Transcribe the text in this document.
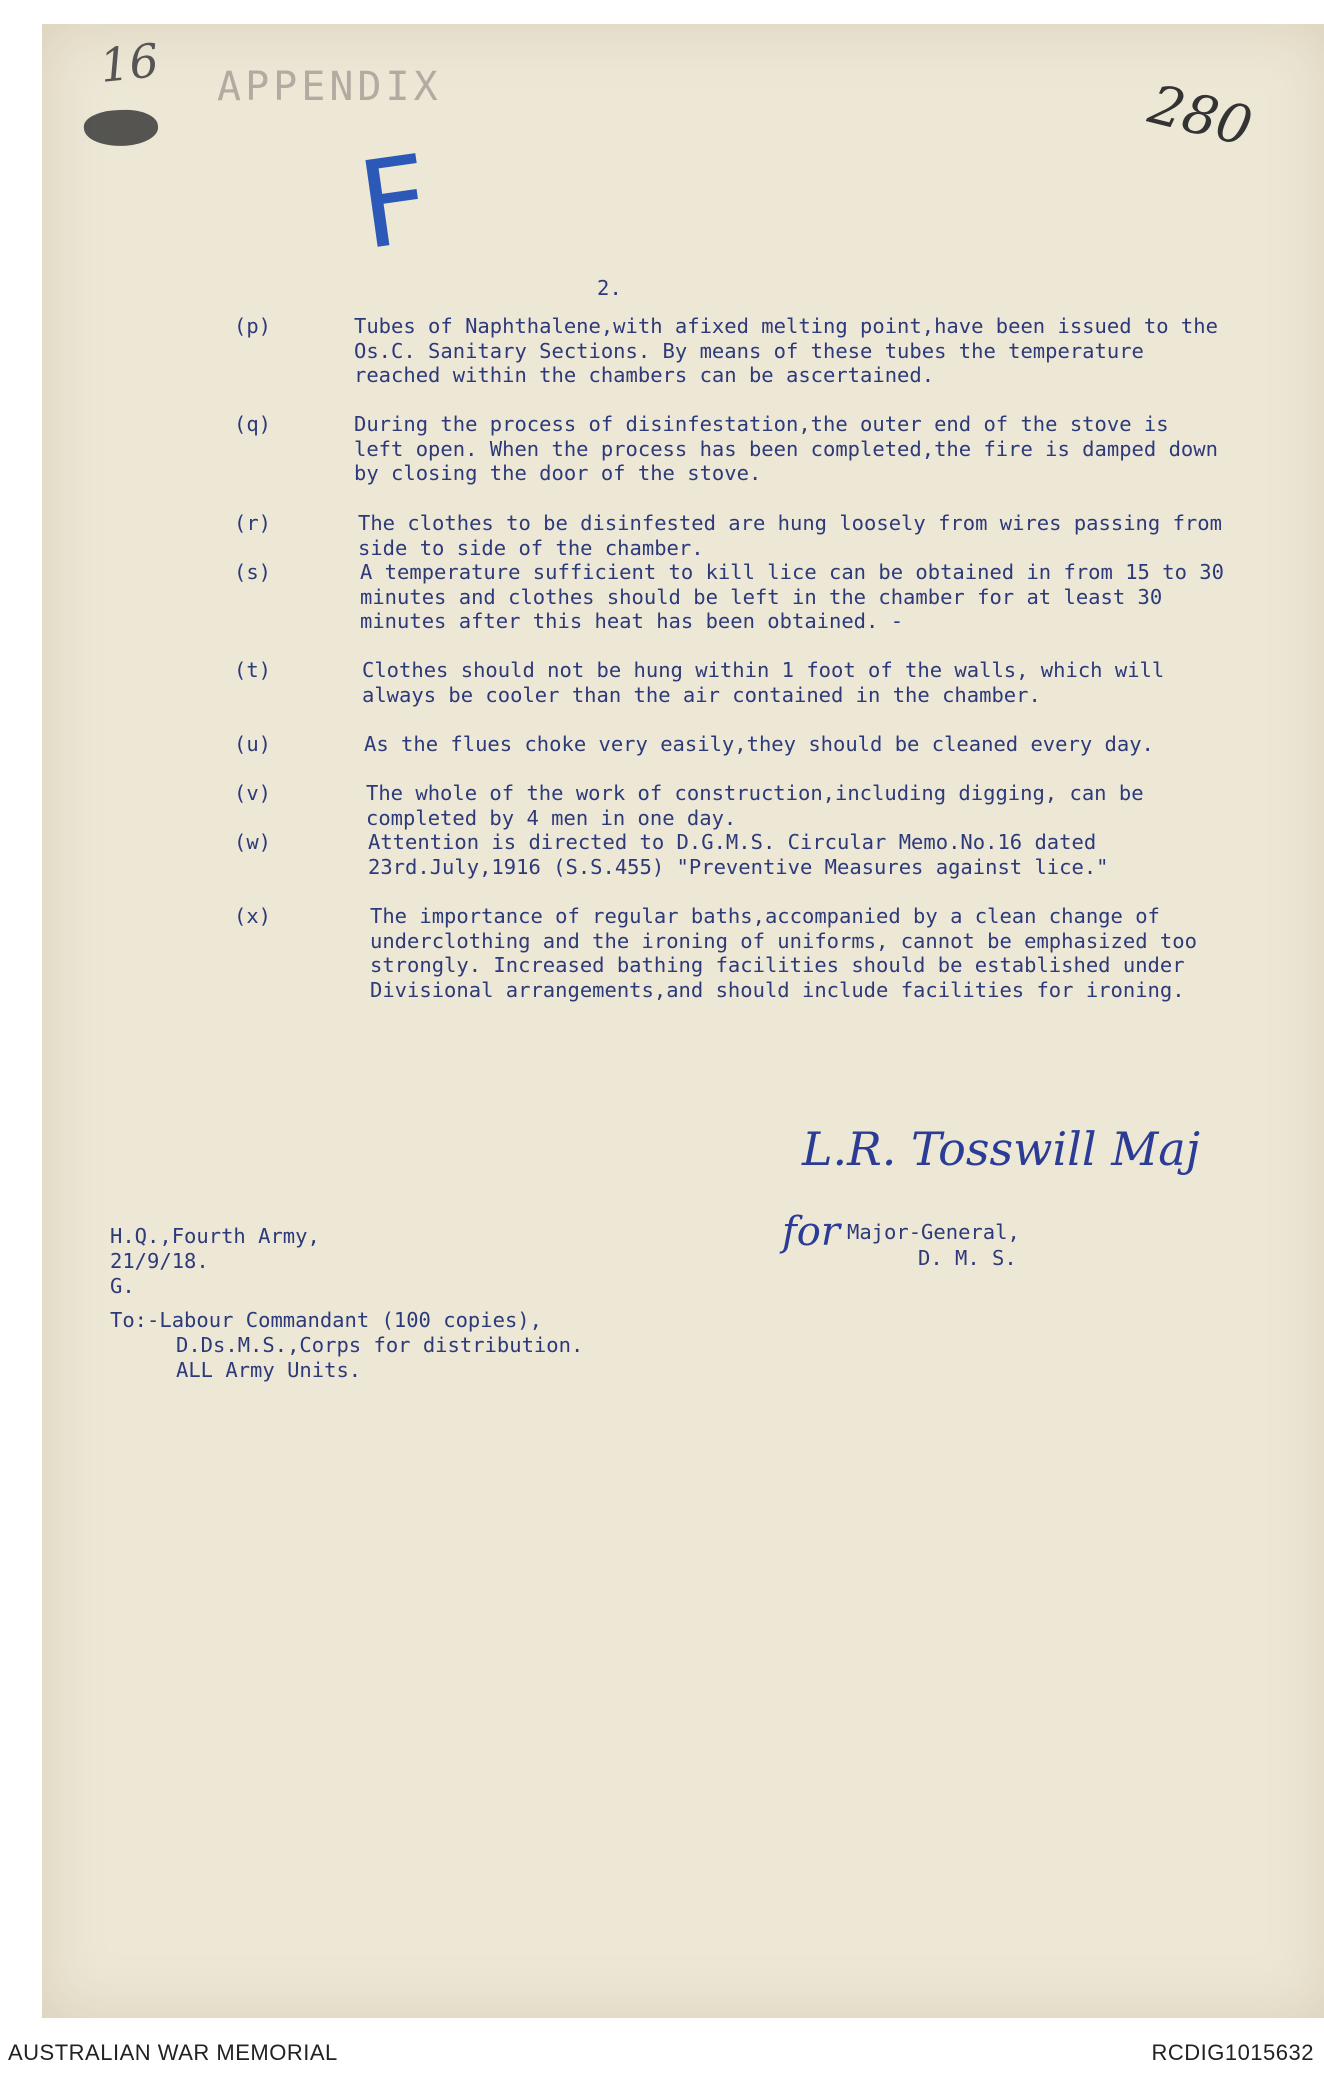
16 APPENDIX	280
F
2.
(p)	Tubes of Naphthalene,with afixed melting point,have been issued to the Os.C. Sanitary Sections. By means of these tubes the temperature reached within the chambers can be ascertained.
(q)	During the process of disinfestation,the outer end of the stove is left open. When the process has been completed,the fire is damped down by closing the door of the stove.
(r)	The clothes to be disinfested are hung loosely from wires passing from side to side of the chamber.
(s)	A temperature sufficient to kill lice can be obtained in from 15 to 30 minutes and clothes should be left in the chamber for at least 30 minutes after this heat has been obtained. -
(t)	Clothes should not be hung within 1 foot of the walls, which will always be cooler than the air contained in the chamber.
(u)	As the flues choke very easily,they should be cleaned every day.
(v)	The whole of the work of construction,including digging, can be completed by 4 men in one day.
(w)	Attention is directed to D.G.M.S. Circular Memo.No.16 dated 23rd.July,1916 (S.S.455) "Preventive Measures against lice."
(x)	The importance of regular baths,accompanied by a clean change of underclothing and the ironing of uniforms, cannot be emphasized too strongly. Increased bathing facilities should be established under Divisional arrangements,and should include facilities for ironing.
L.R. Tosswill Maj
for Major-General,
D. M. S.
H.Q.,Fourth Army,
21/9/18.
G.
To:-Labour Commandant (100 copies),
D.Ds.M.S.,Corps for distribution.
ALL Army Units.
AUSTRALIAN WAR MEMORIAL	RCDIG1015632
